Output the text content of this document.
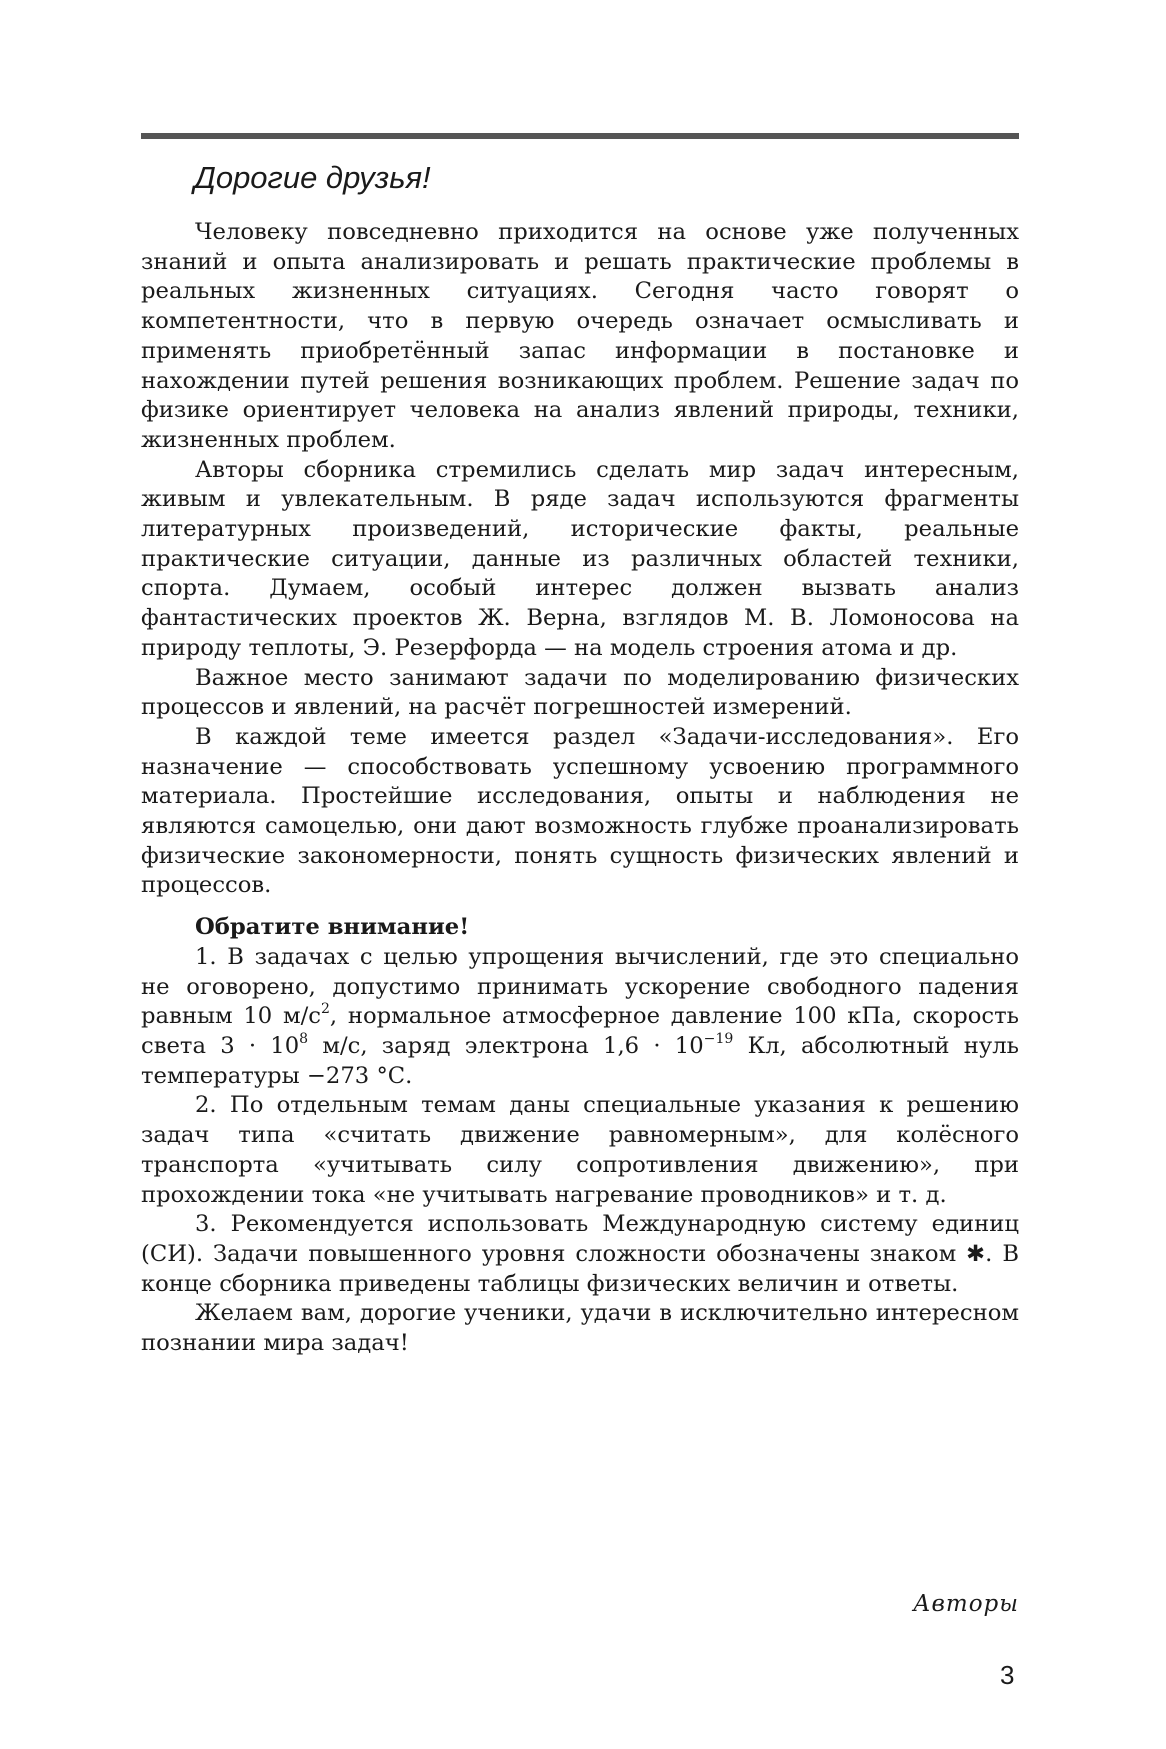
Дорогие друзья!

Человеку повседневно приходится на основе уже полученных знаний и опыта анализировать и решать практические проблемы в реальных жизненных ситуациях. Сегодня часто говорят о компетентности, что в первую очередь означает осмысливать и применять приобретённый запас информации в постановке и нахождении путей решения возникающих проблем. Решение задач по физике ориентирует человека на анализ явлений природы, техники, жизненных проблем.

Авторы сборника стремились сделать мир задач интересным, живым и увлекательным. В ряде задач используются фрагменты литературных произведений, исторические факты, реальные практические ситуации, данные из различных областей техники, спорта. Думаем, особый интерес должен вызвать анализ фантастических проектов Ж. Верна, взглядов М. В. Ломоносова на природу теплоты, Э. Резерфорда — на модель строения атома и др.

Важное место занимают задачи по моделированию физических процессов и явлений, на расчёт погрешностей измерений.

В каждой теме имеется раздел «Задачи-исследования». Его назначение — способствовать успешному усвоению программного материала. Простейшие исследования, опыты и наблюдения не являются самоцелью, они дают возможность глубже проанализировать физические закономерности, понять сущность физических явлений и процессов.

Обратите внимание!

1. В задачах с целью упрощения вычислений, где это специально не оговорено, допустимо принимать ускорение свободного падения равным 10 $м/с^2$, нормальное атмосферное давление 100 кПа, скорость света $3 \cdot 10^8$ м/с, заряд электрона $1,6 \cdot 10^{-19}$ Кл, абсолютный нуль температуры −273 °С.

2. По отдельным темам даны специальные указания к решению задач типа «считать движение равномерным», для колёсного транспорта «учитывать силу сопротивления движению», при прохождении тока «не учитывать нагревание проводников» и т. д.

3. Рекомендуется использовать Международную систему единиц (СИ). Задачи повышенного уровня сложности обозначены знаком ✱. В конце сборника приведены таблицы физических величин и ответы.

Желаем вам, дорогие ученики, удачи в исключительно интересном познании мира задач!

Авторы
3
